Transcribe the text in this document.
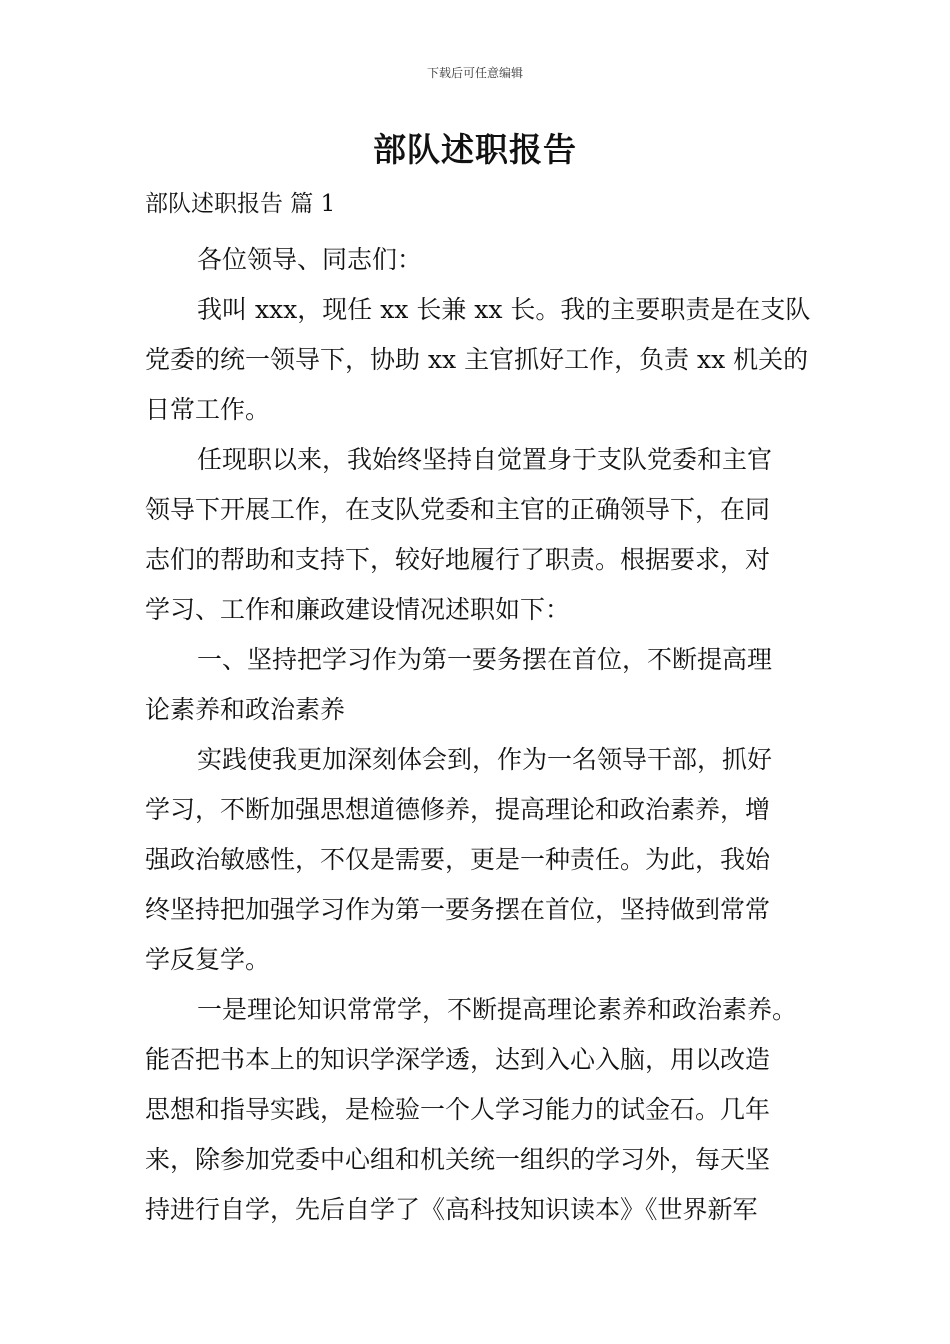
下载后可任意编辑
部队述职报告

部队述职报告 篇 1

各位领导、同志们：

我叫 xxx，现任 xx 长兼 xx 长。我的主要职责是在支队

党委的统一领导下，协助 xx 主官抓好工作，负责 xx 机关的

日常工作。

任现职以来，我始终坚持自觉置身于支队党委和主官

领导下开展工作，在支队党委和主官的正确领导下，在同

志们的帮助和支持下，较好地履行了职责。根据要求，对

学习、工作和廉政建设情况述职如下：

一、坚持把学习作为第一要务摆在首位，不断提高理

论素养和政治素养

实践使我更加深刻体会到，作为一名领导干部，抓好

学习，不断加强思想道德修养，提高理论和政治素养，增

强政治敏感性，不仅是需要，更是一种责任。为此，我始

终坚持把加强学习作为第一要务摆在首位，坚持做到常常

学反复学。

一是理论知识常常学，不断提高理论素养和政治素养。

能否把书本上的知识学深学透，达到入心入脑，用以改造

思想和指导实践，是检验一个人学习能力的试金石。几年

来，除参加党委中心组和机关统一组织的学习外，每天坚

持进行自学，先后自学了《高科技知识读本》《世界新军
